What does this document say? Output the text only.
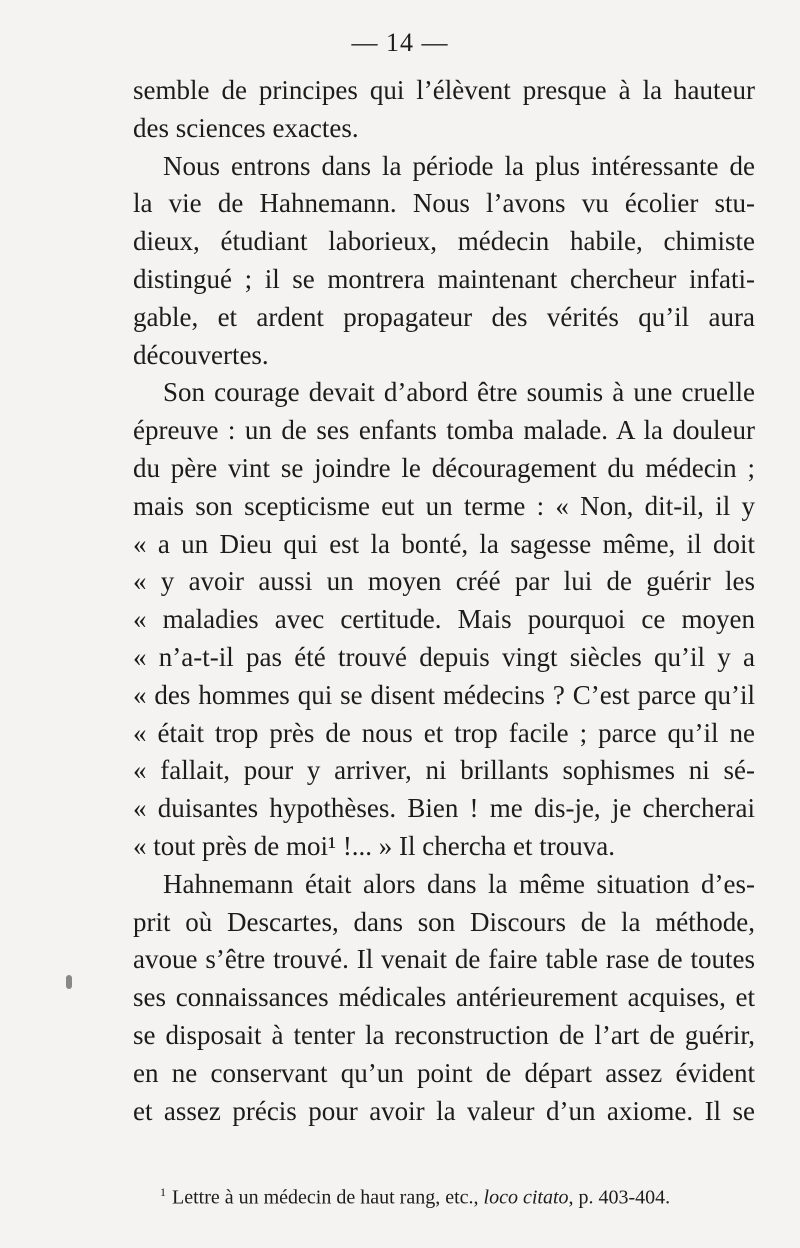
— 14 —
semble de principes qui l’élèvent presque à la hauteur
des sciences exactes.
Nous entrons dans la période la plus intéressante de
la vie de Hahnemann. Nous l’avons vu écolier stu-
dieux, étudiant laborieux, médecin habile, chimiste
distingué ; il se montrera maintenant chercheur infati-
gable, et ardent propagateur des vérités qu’il aura
découvertes.
Son courage devait d’abord être soumis à une cruelle
épreuve : un de ses enfants tomba malade. A la douleur
du père vint se joindre le découragement du médecin ;
mais son scepticisme eut un terme : « Non, dit-il, il y
« a un Dieu qui est la bonté, la sagesse même, il doit
« y avoir aussi un moyen créé par lui de guérir les
« maladies avec certitude. Mais pourquoi ce moyen
« n’a-t-il pas été trouvé depuis vingt siècles qu’il y a
« des hommes qui se disent médecins ? C’est parce qu’il
« était trop près de nous et trop facile ; parce qu’il ne
« fallait, pour y arriver, ni brillants sophismes ni sé-
« duisantes hypothèses. Bien ! me dis-je, je chercherai
« tout près de moi¹ !... » Il chercha et trouva.
Hahnemann était alors dans la même situation d’es-
prit où Descartes, dans son Discours de la méthode,
avoue s’être trouvé. Il venait de faire table rase de toutes
ses connaissances médicales antérieurement acquises, et
se disposait à tenter la reconstruction de l’art de guérir,
en ne conservant qu’un point de départ assez évident
et assez précis pour avoir la valeur d’un axiome. Il se
$^1$ Lettre à un médecin de haut rang, etc., loco citato, p. 403-404.
